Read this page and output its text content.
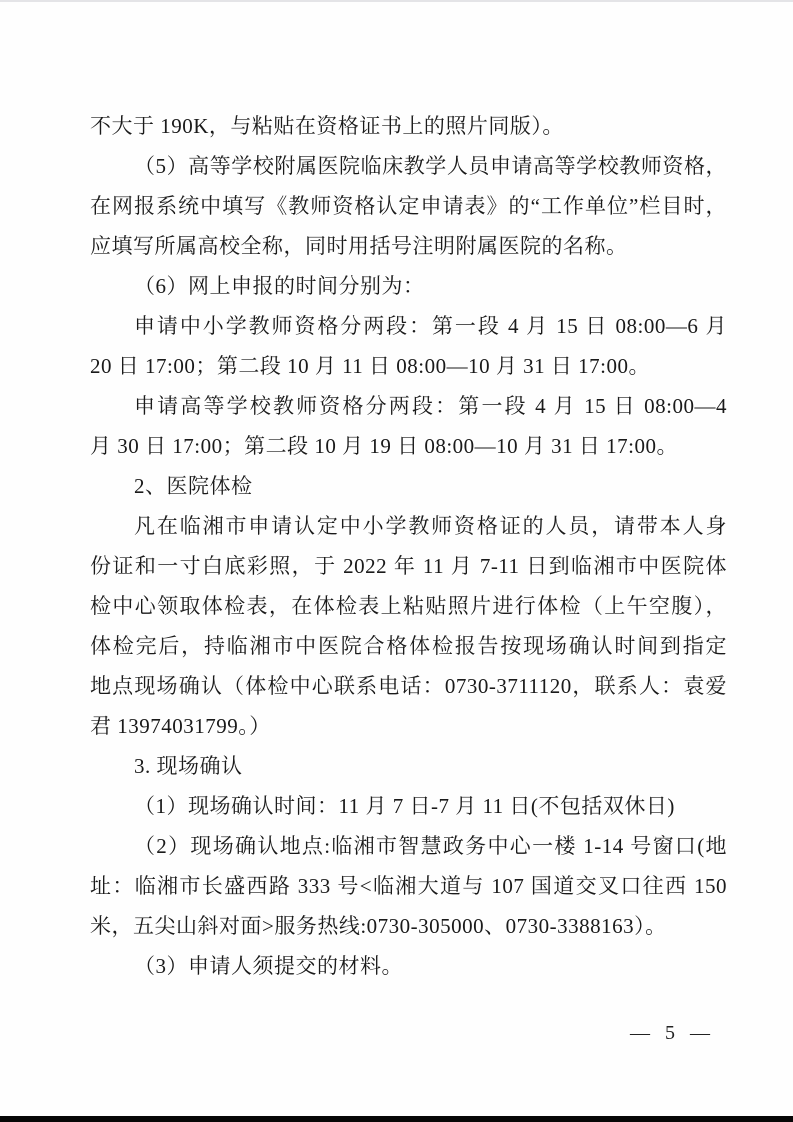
不大于 190K，与粘贴在资格证书上的照片同版）。
（5）高等学校附属医院临床教学人员申请高等学校教师资格，
在网报系统中填写《教师资格认定申请表》的“工作单位”栏目时，
应填写所属高校全称，同时用括号注明附属医院的名称。
（6）网上申报的时间分别为：
申请中小学教师资格分两段：第一段 4 月 15 日 08:00—6 月
20 日 17:00；第二段 10 月 11 日 08:00—10 月 31 日 17:00。
申请高等学校教师资格分两段：第一段 4 月 15 日 08:00—4
月 30 日 17:00；第二段 10 月 19 日 08:00—10 月 31 日 17:00。
2、医院体检
凡在临湘市申请认定中小学教师资格证的人员，请带本人身
份证和一寸白底彩照，于 2022 年 11 月 7-11 日到临湘市中医院体
检中心领取体检表，在体检表上粘贴照片进行体检（上午空腹），
体检完后，持临湘市中医院合格体检报告按现场确认时间到指定
地点现场确认（体检中心联系电话：0730-3711120，联系人：袁爱
君 13974031799。）
3. 现场确认
（1）现场确认时间：11 月 7 日-7 月 11 日(不包括双休日)
（2）现场确认地点:临湘市智慧政务中心一楼 1-14 号窗口(地
址：临湘市长盛西路 333 号<临湘大道与 107 国道交叉口往西 150
米，五尖山斜对面>服务热线:0730-305000、0730-3388163）。
（3）申请人须提交的材料。
— 5 —
